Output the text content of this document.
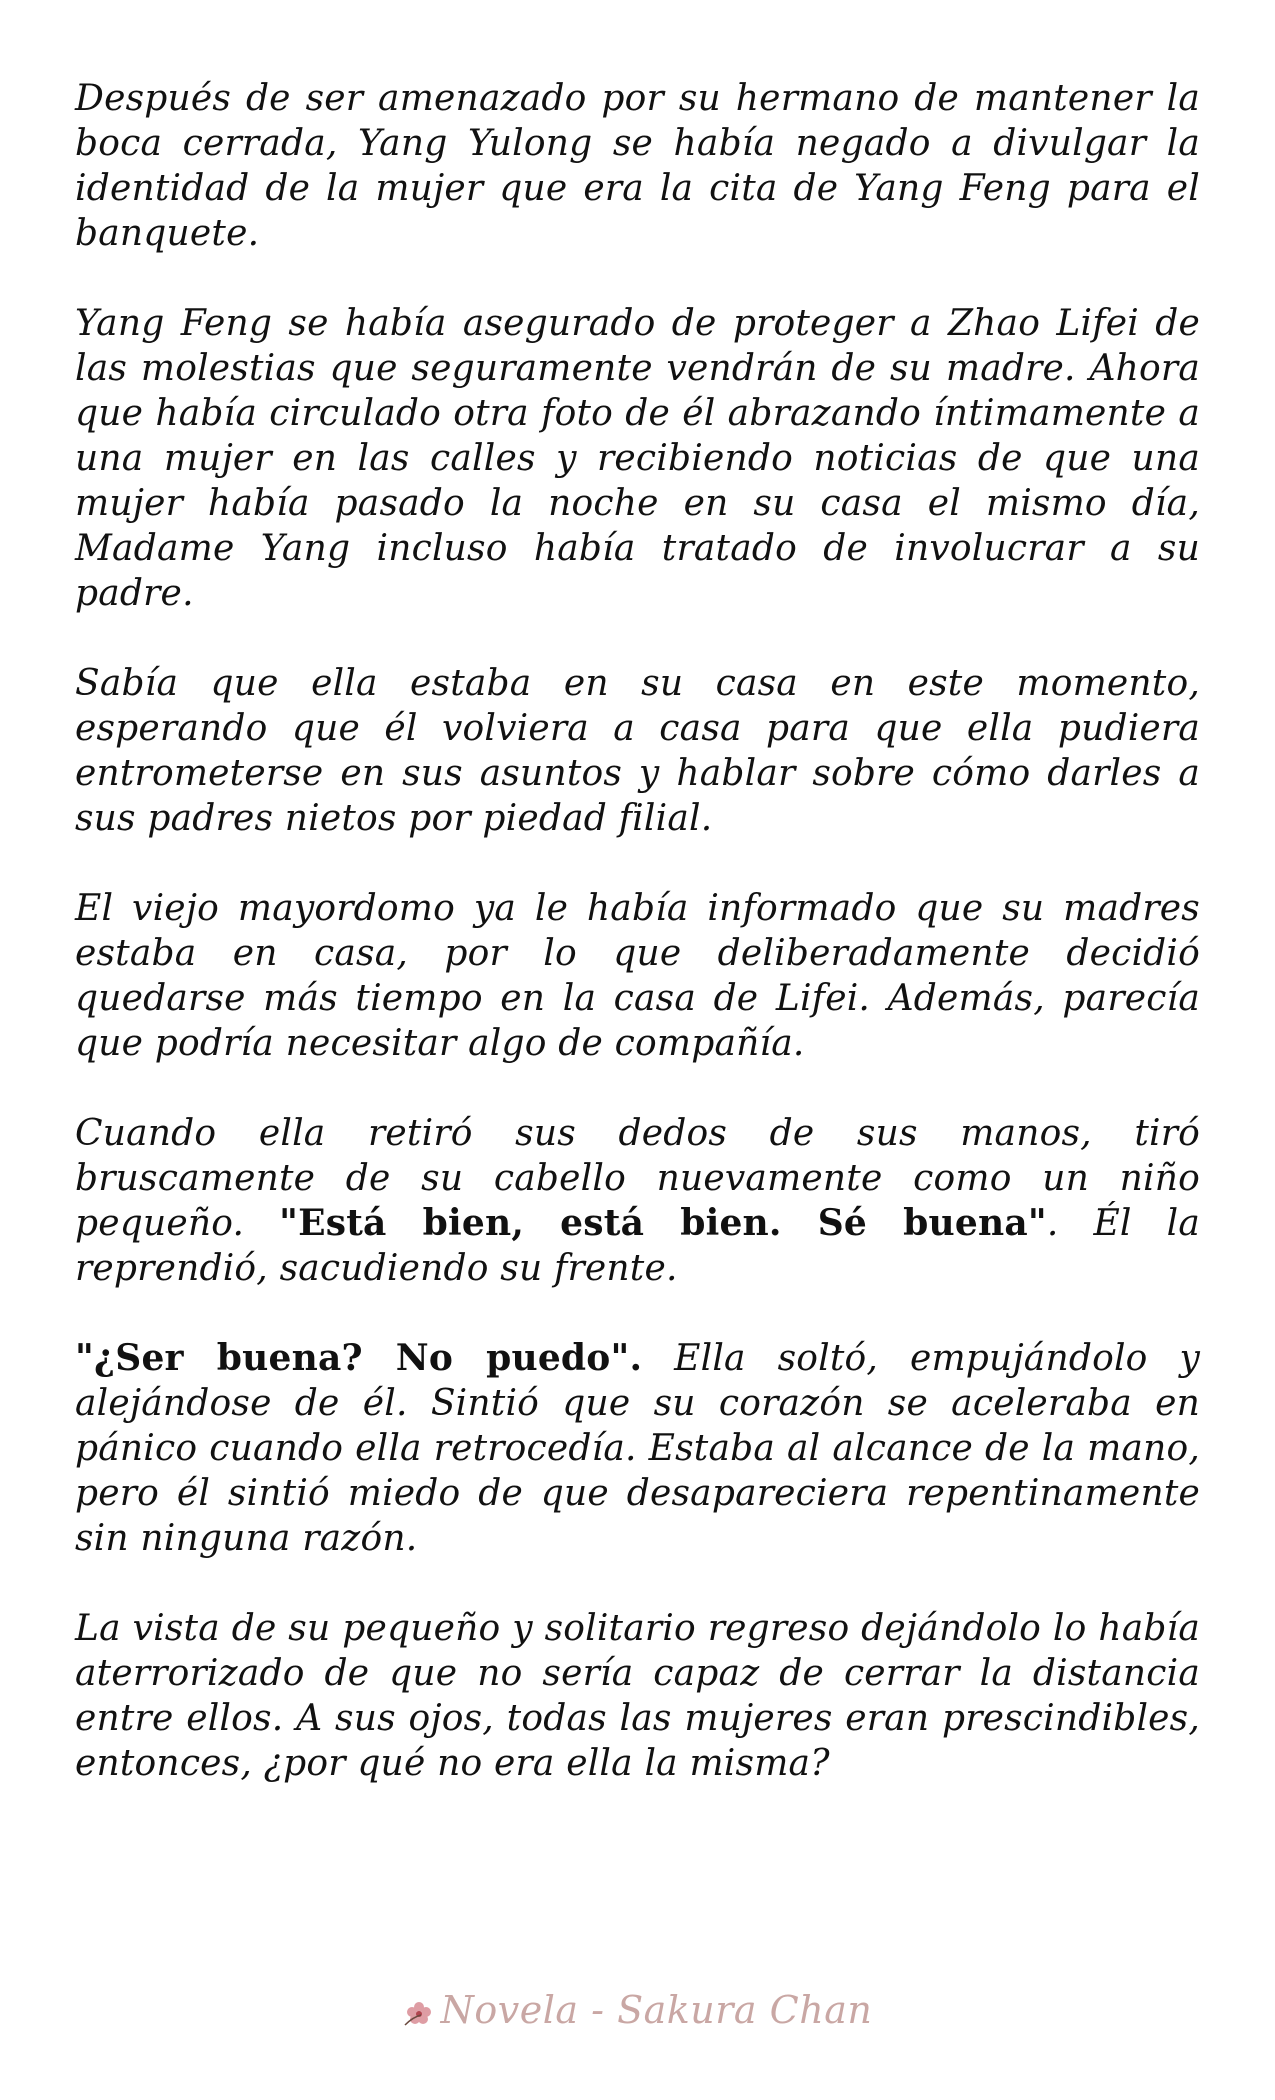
Después de ser amenazado por su hermano de mantener la boca cerrada, Yang Yulong se había negado a divulgar la identidad de la mujer que era la cita de Yang Feng para el banquete.

Yang Feng se había asegurado de proteger a Zhao Lifei de las molestias que seguramente vendrán de su madre. Ahora que había circulado otra foto de él abrazando íntimamente a una mujer en las calles y recibiendo noticias de que una mujer había pasado la noche en su casa el mismo día, Madame Yang incluso había tratado de involucrar a su padre.

Sabía que ella estaba en su casa en este momento, esperando que él volviera a casa para que ella pudiera entrometerse en sus asuntos y hablar sobre cómo darles a sus padres nietos por piedad filial.

El viejo mayordomo ya le había informado que su madres estaba en casa, por lo que deliberadamente decidió quedarse más tiempo en la casa de Lifei. Además, parecía que podría necesitar algo de compañía.

Cuando ella retiró sus dedos de sus manos, tiró bruscamente de su cabello nuevamente como un niño pequeño. "Está bien, está bien. Sé buena". Él la reprendió, sacudiendo su frente.

"¿Ser buena? No puedo". Ella soltó, empujándolo y alejándose de él. Sintió que su corazón se aceleraba en pánico cuando ella retrocedía. Estaba al alcance de la mano, pero él sintió miedo de que desapareciera repentinamente sin ninguna razón.

La vista de su pequeño y solitario regreso dejándolo lo había aterrorizado de que no sería capaz de cerrar la distancia entre ellos. A sus ojos, todas las mujeres eran prescindibles, entonces, ¿por qué no era ella la misma?

Novela - Sakura Chan
